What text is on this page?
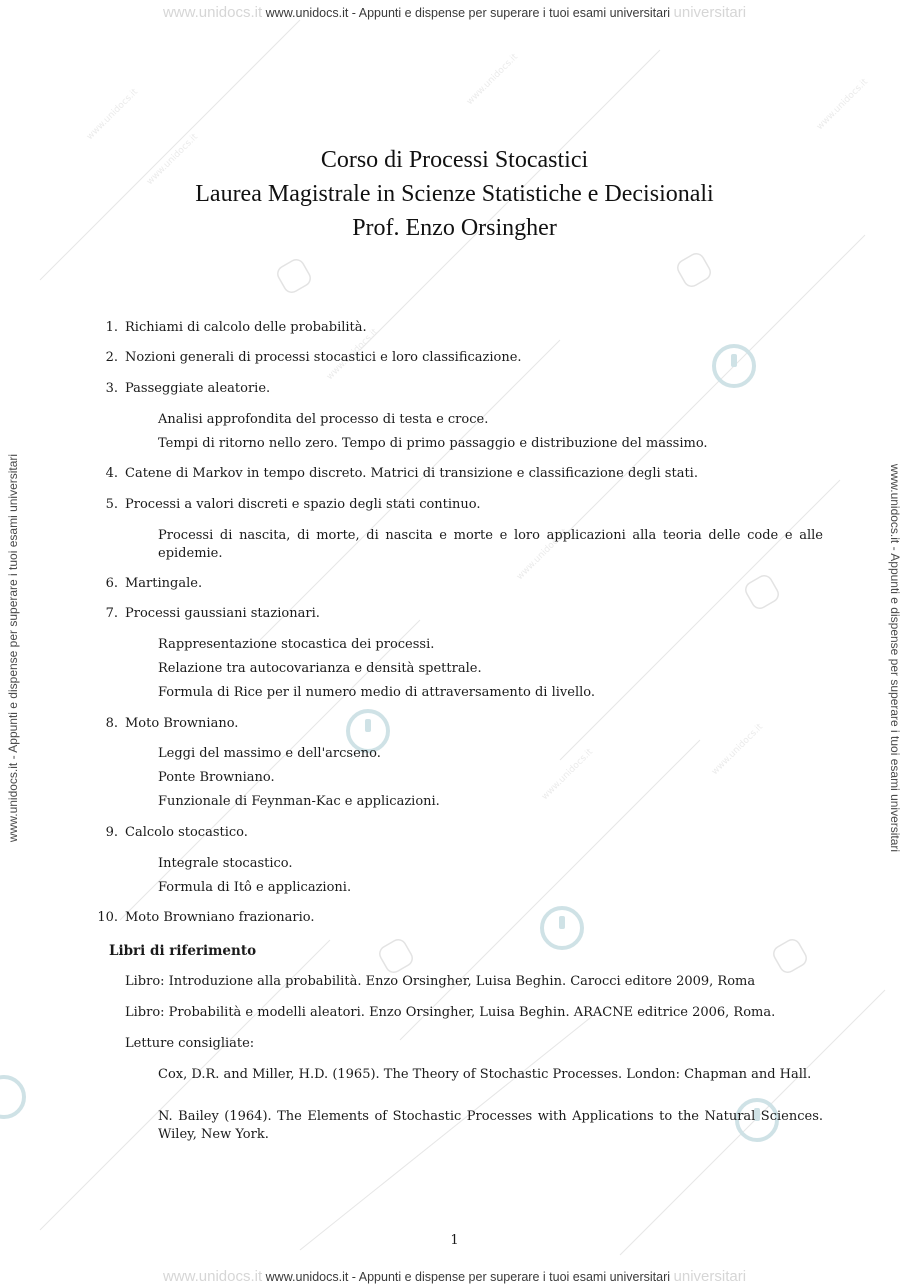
www.unidocs.it
www.unidocs.it
www.unidocs.it
www.unidocs.it
www.unidocs.it
www.unidocs.it
www.unidocs.it	www.unidocs.it
www.unidocs.it www.unidocs.it - Appunti e dispense per superare i tuoi esami universitari universitari
www.unidocs.it www.unidocs.it - Appunti e dispense per superare i tuoi esami universitari universitari
www.unidocs.it - Appunti e dispense per superare i tuoi esami universitari	www.unidocs.it - Appunti e dispense per superare i tuoi esami universitari
Corso di Processi Stocastici
Laurea Magistrale in Scienze Statistiche e Decisionali
Prof. Enzo Orsingher
1. Richiami di calcolo delle probabilità.
2. Nozioni generali di processi stocastici e loro classificazione.
3. Passeggiate aleatorie.
Analisi approfondita del processo di testa e croce.
Tempi di ritorno nello zero. Tempo di primo passaggio e distribuzione del massimo.
4. Catene di Markov in tempo discreto. Matrici di transizione e classificazione degli stati.
5. Processi a valori discreti e spazio degli stati continuo.
Processi di nascita, di morte, di nascita e morte e loro applicazioni alla teoria delle code e alle epidemie.
6. Martingale.
7. Processi gaussiani stazionari.
Rappresentazione stocastica dei processi.
Relazione tra autocovarianza e densità spettrale.
Formula di Rice per il numero medio di attraversamento di livello.
8. Moto Browniano.
Leggi del massimo e dell'arcseno.
Ponte Browniano.
Funzionale di Feynman-Kac e applicazioni.
9. Calcolo stocastico.
Integrale stocastico.
Formula di Itô e applicazioni.
10. Moto Browniano frazionario.
Libri di riferimento
Libro: Introduzione alla probabilità. Enzo Orsingher, Luisa Beghin. Carocci editore 2009, Roma
Libro: Probabilità e modelli aleatori. Enzo Orsingher, Luisa Beghin. ARACNE editrice 2006, Roma.
Letture consigliate:
Cox, D.R. and Miller, H.D. (1965). The Theory of Stochastic Processes. London: Chapman and Hall.
N. Bailey (1964). The Elements of Stochastic Processes with Applications to the Natural Sciences. Wiley, New York.
1
